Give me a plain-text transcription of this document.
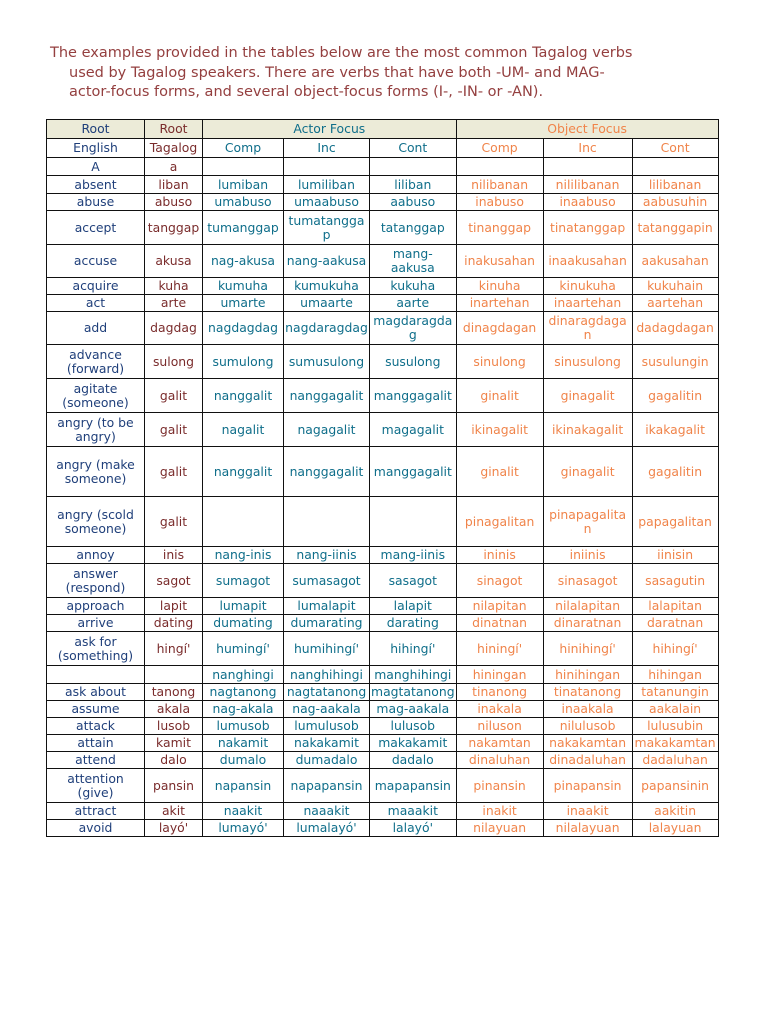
The examples provided in the tables below are the most common Tagalog verbs
used by Tagalog speakers. There are verbs that have both -UM- and MAG-
actor-focus forms, and several object-focus forms (I-, -IN- or -AN).

Root	Root	Actor Focus			Object Focus		
English	Tagalog	Comp	Inc	Cont	Comp	Inc	Cont
A	a						
absent	liban	lumiban	lumiliban	liliban	nilibanan	nililibanan	lilibanan
abuse	abuso	umabuso	umaabuso	aabuso	inabuso	inaabuso	aabusuhin
accept	tanggap	tumanggap	tumatangga p	tatanggap	tinanggap	tinatanggap	tatanggapin
accuse	akusa	nag-akusa	nang-aakusa	mang- aakusa	inakusahan	inaakusahan	aakusahan
acquire	kuha	kumuha	kumukuha	kukuha	kinuha	kinukuha	kukuhain
act	arte	umarte	umaarte	aarte	inartehan	inaartehan	aartehan
add	dagdag	nagdagdag	nagdaragdag	magdaragda g	dinagdagan	dinaragdaga n	dadagdagan
advance (forward)	sulong	sumulong	sumusulong	susulong	sinulong	sinusulong	susulungin
agitate (someone)	galit	nanggalit	nanggagalit	manggagalit	ginalit	ginagalit	gagalitin
angry (to be angry)	galit	nagalit	nagagalit	magagalit	ikinagalit	ikinakagalit	ikakagalit
angry (make someone)	galit	nanggalit	nanggagalit	manggagalit	ginalit	ginagalit	gagalitin
angry (scold someone)	galit				pinagalitan	pinapagalita n	papagalitan
annoy	inis	nang-inis	nang-iinis	mang-iinis	ininis	iniinis	iinisin
answer (respond)	sagot	sumagot	sumasagot	sasagot	sinagot	sinasagot	sasagutin
approach	lapit	lumapit	lumalapit	lalapit	nilapitan	nilalapitan	lalapitan
arrive	dating	dumating	dumarating	darating	dinatnan	dinaratnan	daratnan
ask for (something)	hingí'	humingí'	humihingí'	hihingí'	hiningí'	hinihingí'	hihingí'
		nanghingi	nanghihingi	manghihingi	hiningan	hinihingan	hihingan
ask about	tanong	nagtanong	nagtatanong	magtatanong	tinanong	tinatanong	tatanungin
assume	akala	nag-akala	nag-aakala	mag-aakala	inakala	inaakala	aakalain
attack	lusob	lumusob	lumulusob	lulusob	niluson	nilulusob	lulusubin
attain	kamit	nakamit	nakakamit	makakamit	nakamtan	nakakamtan	makakamtan
attend	dalo	dumalo	dumadalo	dadalo	dinaluhan	dinadaluhan	dadaluhan
attention (give)	pansin	napansin	napapansin	mapapansin	pinansin	pinapansin	papansinin
attract	akit	naakit	naaakit	maaakit	inakit	inaakit	aakitin
avoid	layó'	lumayó'	lumalayó'	lalayó'	nilayuan	nilalayuan	lalayuan
